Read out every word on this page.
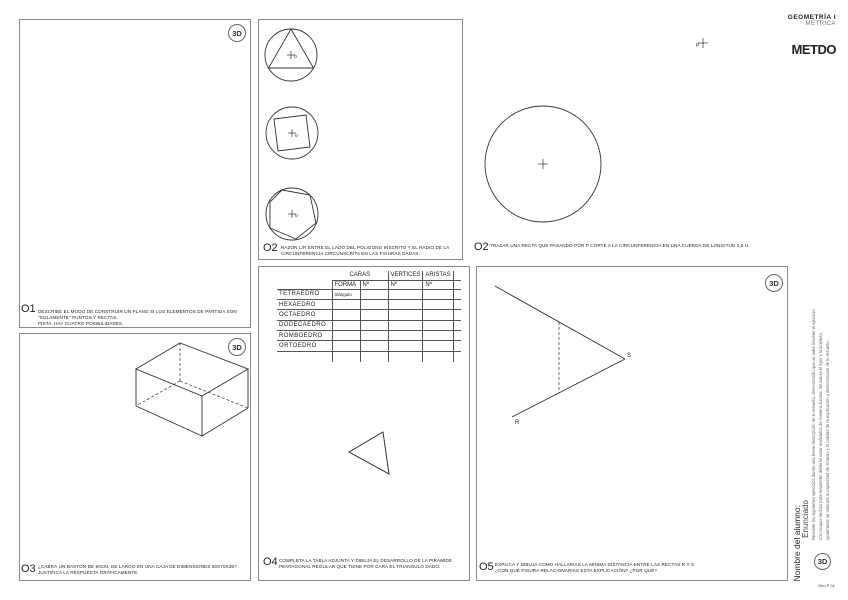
3D
O1 DESCRIBE EL MODO DE CONSTRUIR UN PLANO SI LOS ELEMENTOS DE PARTIDA SON
"SOLAMENTE" PUNTOS Y RECTAS.
PISTA: HAY CUATRO POSIBILIDADES.
o
o
o
O2 RAZON L/R ENTRE EL LADO DEL POLIGONO INSCRITO Y EL RADIO DE LA
CIRCUNFERENCIA CIRCUNSCRITA EN LAS FIGURAS DADAS.
P
O2 TRAZAR UNA RECTA QUE PASANDO POR P CORTE A LA CIRCUNFERENCIA EN UNA CUERDA DE LONGITUD 3,5 U.
3D
O3 ¿CABRÁ UN BASTON DE 90CM. DE LARGO EN UNA CAJA DE DIMENSIONES 50X70X35?
JUSTIFICA LA RESPUESTA GRÁFICAMENTE.
	CARAS		VERTICES	ARISTAS	
	FORMA	Nº	Nº	Nº	
TETRAEDRO	triángulo				
HEXAEDRO					
OCTAEDRO					
DODECAEDRO					
ROMBOEDRO					
ORTOEDRO					

O4 COMPLETA LA TABLA ADJUNTA Y DIBUJA EL DESARROLLO DE LA PIRAMIDE
PENTAGONAL REGULAR QUE TIENE POR CARA EL TRIANGULO DADO.
3D
S
R
O5 EXPLICA Y DIBUJA COMO HALLARIAS LA MINIMA DISTANCIA ENTRE LAS RECTAS R Y S
¿CON QUÉ FIGURA RELACIONARIAS ESTA EXPLICACIÓN? ¿POR QUÉ?
GEOMETRÍA I
MÉTRICA
METDO
Nombre del alumno: Enunciado Resolver los siguientes ejercicios dando una breve descripción de lo resuelto, demostrando que se sabe resolver el ejercicio. Los croquis hechos para responder deberán estar realizados de manera sucinta. Se valora el rigor y la limpieza. Igualmente se valorará la capacidad de síntesis y la calidad de la explicación y demostración de lo resuelto.
3D
Geo P 01
